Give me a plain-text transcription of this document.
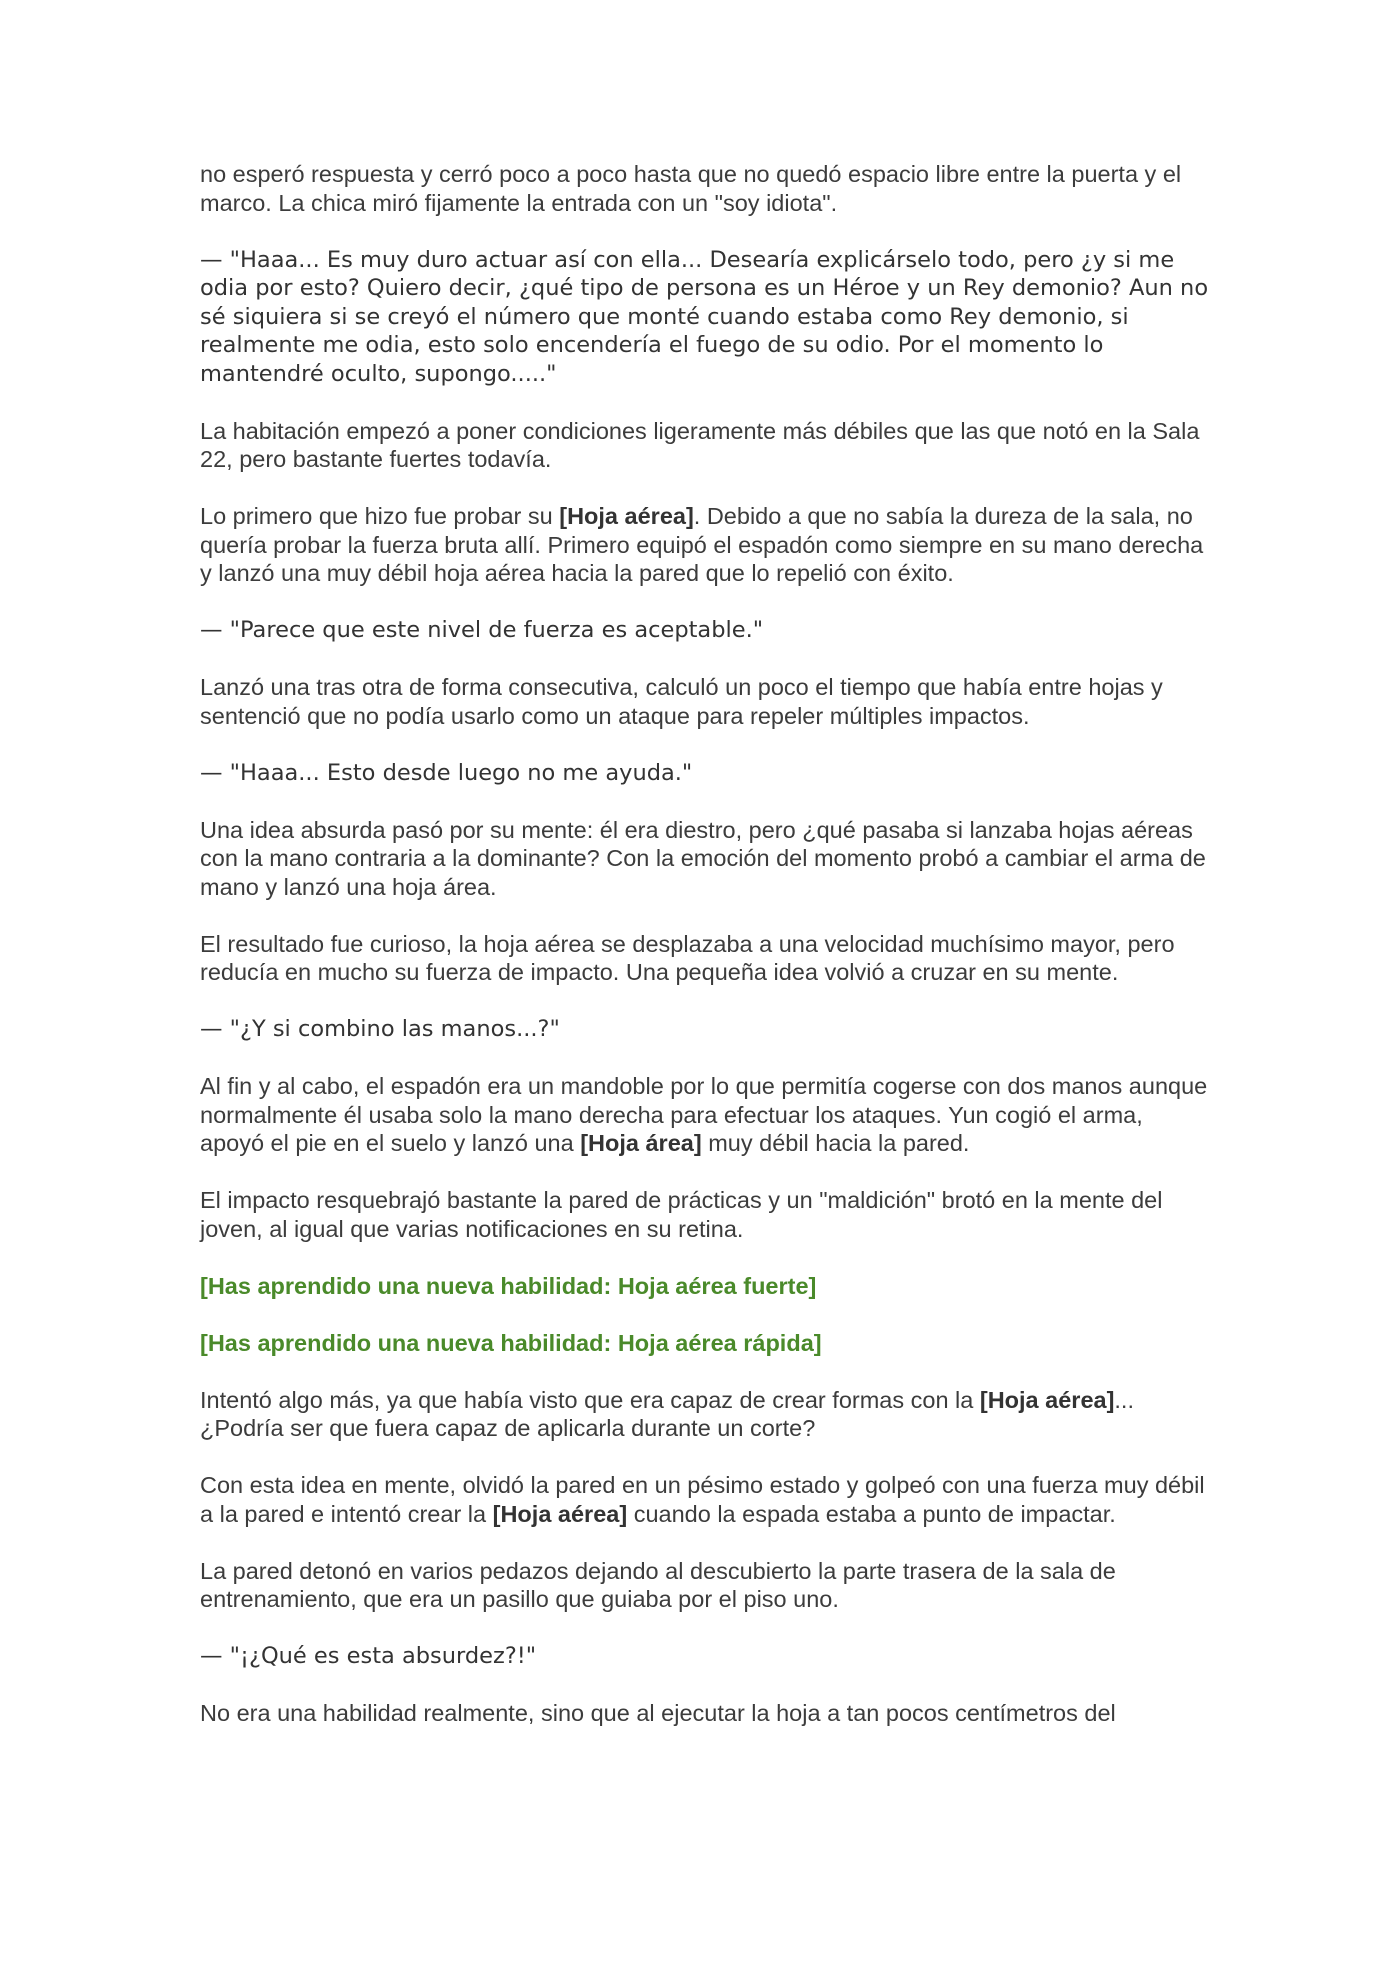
no esperó respuesta y cerró poco a poco hasta que no quedó espacio libre entre la puerta y el marco. La chica miró fijamente la entrada con un "soy idiota".

— "Haaa... Es muy duro actuar así con ella... Desearía explicárselo todo, pero ¿y si me odia por esto? Quiero decir, ¿qué tipo de persona es un Héroe y un Rey demonio? Aun no sé siquiera si se creyó el número que monté cuando estaba como Rey demonio, si realmente me odia, esto solo encendería el fuego de su odio. Por el momento lo mantendré oculto, supongo....."

La habitación empezó a poner condiciones ligeramente más débiles que las que notó en la Sala 22, pero bastante fuertes todavía.

Lo primero que hizo fue probar su [Hoja aérea]. Debido a que no sabía la dureza de la sala, no quería probar la fuerza bruta allí. Primero equipó el espadón como siempre en su mano derecha y lanzó una muy débil hoja aérea hacia la pared que lo repelió con éxito.

— "Parece que este nivel de fuerza es aceptable."

Lanzó una tras otra de forma consecutiva, calculó un poco el tiempo que había entre hojas y sentenció que no podía usarlo como un ataque para repeler múltiples impactos.

— "Haaa... Esto desde luego no me ayuda."

Una idea absurda pasó por su mente: él era diestro, pero ¿qué pasaba si lanzaba hojas aéreas con la mano contraria a la dominante? Con la emoción del momento probó a cambiar el arma de mano y lanzó una hoja área.

El resultado fue curioso, la hoja aérea se desplazaba a una velocidad muchísimo mayor, pero reducía en mucho su fuerza de impacto. Una pequeña idea volvió a cruzar en su mente.

— "¿Y si combino las manos...?"

Al fin y al cabo, el espadón era un mandoble por lo que permitía cogerse con dos manos aunque normalmente él usaba solo la mano derecha para efectuar los ataques. Yun cogió el arma, apoyó el pie en el suelo y lanzó una [Hoja área] muy débil hacia la pared.

El impacto resquebrajó bastante la pared de prácticas y un "maldición" brotó en la mente del joven, al igual que varias notificaciones en su retina.

[Has aprendido una nueva habilidad: Hoja aérea fuerte]

[Has aprendido una nueva habilidad: Hoja aérea rápida]

Intentó algo más, ya que había visto que era capaz de crear formas con la [Hoja aérea]... ¿Podría ser que fuera capaz de aplicarla durante un corte?

Con esta idea en mente, olvidó la pared en un pésimo estado y golpeó con una fuerza muy débil a la pared e intentó crear la [Hoja aérea] cuando la espada estaba a punto de impactar.

La pared detonó en varios pedazos dejando al descubierto la parte trasera de la sala de entrenamiento, que era un pasillo que guiaba por el piso uno.

— "¡¿Qué es esta absurdez?!"

No era una habilidad realmente, sino que al ejecutar la hoja a tan pocos centímetros del
